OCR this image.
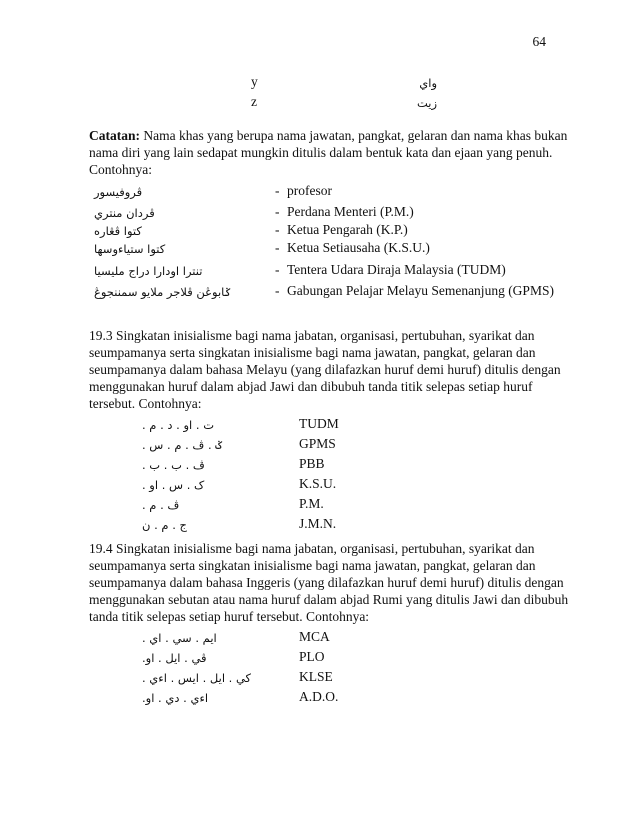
64
y	واي
z	زيت
Catatan: Nama khas yang berupa nama jawatan, pangkat, gelaran dan nama khas bukan
nama diri yang lain sedapat mungkin ditulis dalam bentuk kata dan ejaan yang penuh.
Contohnya:
ڤروفيسور	- profesor
ڤردان منتري	- Perdana Menteri (P.M.)
کتوا ڤڠاره	- Ketua Pengarah (K.P.)
کتوا ستياءوسها	- Ketua Setiausaha (K.S.U.)
تنترا اودارا دراج مليسيا	- Tentera Udara Diraja Malaysia (TUDM)
ݢابوڠن ڤلاجر ملايو سمننجوڠ	- Gabungan Pelajar Melayu Semenanjung (GPMS)
19.3 Singkatan inisialisme bagi nama jabatan, organisasi, pertubuhan, syarikat dan
seumpamanya serta singkatan inisialisme bagi nama jawatan, pangkat, gelaran dan
seumpamanya dalam bahasa Melayu (yang dilafazkan huruf demi huruf) ditulis dengan
menggunakan huruf dalam abjad Jawi dan dibubuh tanda titik selepas setiap huruf
tersebut. Contohnya:
ت . او . د . م .	TUDM
ݢ . ڤ . م . س .	GPMS
ڤ . ب . ب .	PBB
ک . س . او .	K.S.U.
ڤ . م .	P.M.
ج . م . ن	J.M.N.
19.4 Singkatan inisialisme bagi nama jabatan, organisasi, pertubuhan, syarikat dan
seumpamanya serta singkatan inisialisme bagi nama jawatan, pangkat, gelaran dan
seumpamanya dalam bahasa Inggeris (yang dilafazkan huruf demi huruf) ditulis dengan
menggunakan sebutan atau nama huruf dalam abjad Rumi yang ditulis Jawi dan dibubuh
tanda titik selepas setiap huruf tersebut. Contohnya:
ايم . سي . اي .	MCA
ڤي . ايل . او.	PLO
کي . ايل . ايس . اءي .	KLSE
اءي . دي . او.	A.D.O.
